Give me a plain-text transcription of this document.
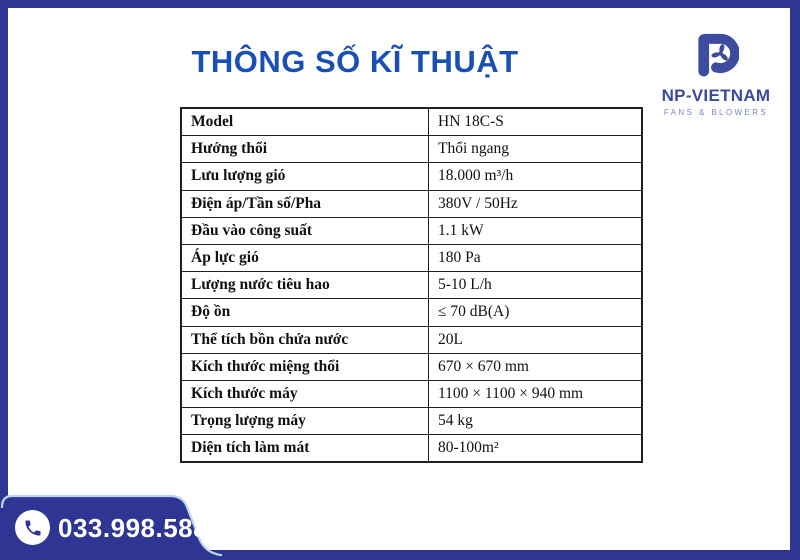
THÔNG SỐ KĨ THUẬT
NP-VIETNAM
FANS & BLOWERS
Model	HN 18C-S
Hướng thổi	Thổi ngang
Lưu lượng gió	18.000 m³/h
Điện áp/Tần số/Pha	380V / 50Hz
Đầu vào công suất	1.1 kW
Áp lực gió	180 Pa
Lượng nước tiêu hao	5-10 L/h
Độ ồn	≤ 70 dB(A)
Thể tích bồn chứa nước	20L
Kích thước miệng thổi	670 × 670 mm
Kích thước máy	1100 × 1100 × 940 mm
Trọng lượng máy	54 kg
Diện tích làm mát	80-100m²
033.998.5885
